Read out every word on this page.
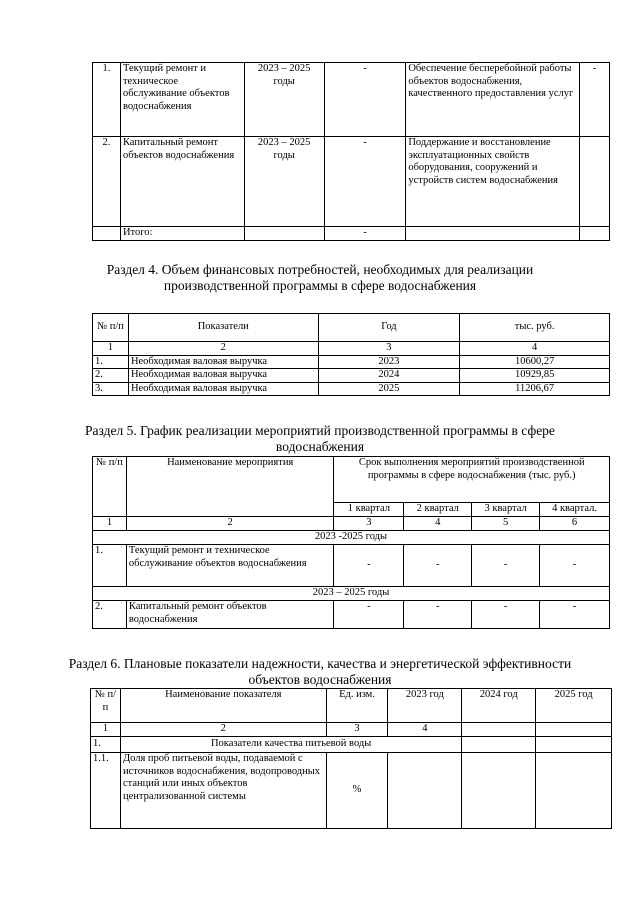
1.	Текущий ремонт и техническое обслуживание объектов водоснабжения	2023 – 2025 годы	-	Обеспечение бесперебойной работы объектов водоснабжения, качественного предоставления услуг	-
2.	Капитальный ремонт объектов водоснабжения	2023 – 2025 годы	-	Поддержание и восстановление эксплуатационных свойств оборудования, сооружений и устройств систем водоснабжения	
	Итого:		-		
Раздел 4. Объем финансовых потребностей, необходимых для реализации производственной программы в сфере водоснабжения
№ п/п	Показатели	Год	тыс. руб.
1	2	3	4
1.	Необходимая валовая выручка	2023	10600,27
2.	Необходимая валовая выручка	2024	10929,85
3.	Необходимая валовая выручка	2025	11206,67
Раздел 5. График реализации мероприятий производственной программы в сфере водоснабжения
№ п/п	Наименование мероприятия	Срок выполнения мероприятий производственной программы в сфере водоснабжения (тыс. руб.)			
		1 квартал	2 квартал	3 квартал	4 квартал.
1	2	3	4	5	6
2023 -2025 годы					
1.	Текущий ремонт и техническое обслуживание объектов водоснабжения	-	-	-	-
2023 – 2025 годы					
2.	Капитальный ремонт объектов водоснабжения	-	-	-	-
Раздел 6. Плановые показатели надежности, качества и энергетической эффективности объектов водоснабжения
№ п/п	Наименование показателя	Ед. изм.	2023 год	2024 год	2025 год
1	2	3	4		
1.	Показатели качества питьевой воды				
1.1.	Доля проб питьевой воды, подаваемой с источников водоснабжения, водопроводных станций или иных объектов централизованной системы	%			
